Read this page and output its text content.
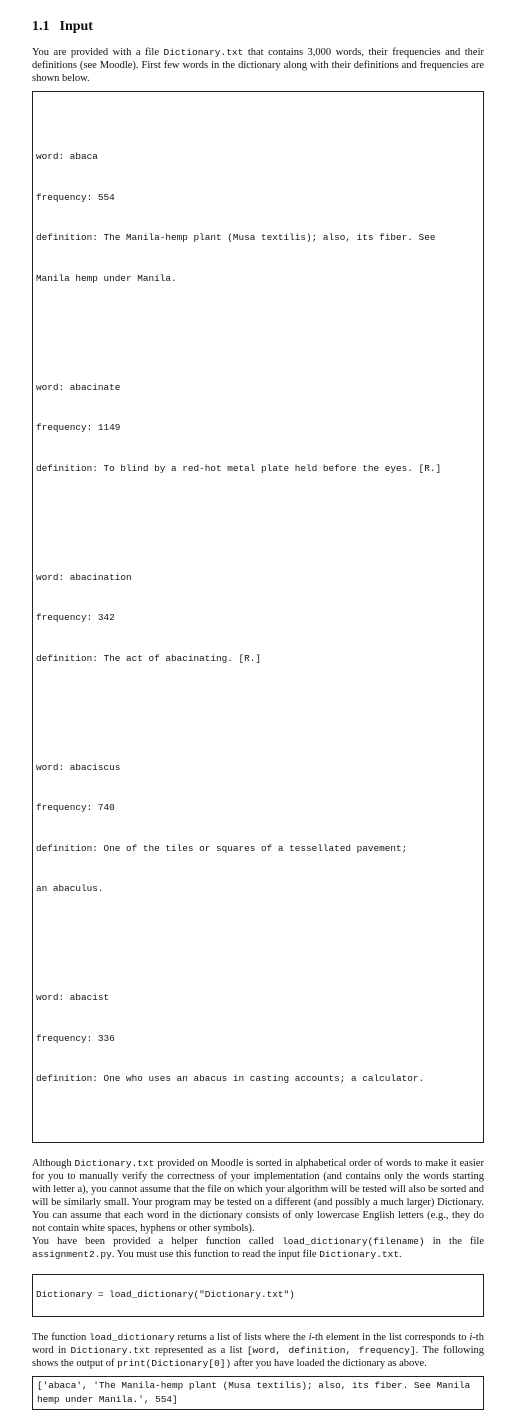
1.1 Input

You are provided with a file Dictionary.txt that contains 3,000 words, their frequencies and their definitions (see Moodle). First few words in the dictionary along with their definitions and frequencies are shown below.

word: abaca

frequency: 554

definition: The Manila-hemp plant (Musa textilis); also, its fiber. See

Manila hemp under Manila.

word: abacinate

frequency: 1149

definition: To blind by a red-hot metal plate held before the eyes. [R.]

word: abacination

frequency: 342

definition: The act of abacinating. [R.]

word: abaciscus

frequency: 740

definition: One of the tiles or squares of a tessellated pavement;

an abaculus.

word: abacist

frequency: 336

definition: One who uses an abacus in casting accounts; a calculator.

Although Dictionary.txt provided on Moodle is sorted in alphabetical order of words to make it easier for you to manually verify the correctness of your implementation (and contains only the words starting with letter a), you cannot assume that the file on which your algorithm will be tested will also be sorted and will be similarly small. Your program may be tested on a different (and possibly a much larger) Dictionary. You can assume that each word in the dictionary consists of only lowercase English letters (e.g., they do not contain white spaces, hyphens or other symbols).

You have been provided a helper function called load_dictionary(filename) in the file assignment2.py. You must use this function to read the input file Dictionary.txt.

Dictionary = load_dictionary("Dictionary.txt")

The function load_dictionary returns a list of lists where the i-th element in the list corresponds to i-th word in Dictionary.txt represented as a list [word, definition, frequency]. The following shows the output of print(Dictionary[0]) after you have loaded the dictionary as above.

['abaca', 'The Manila-hemp plant (Musa textilis); also, its fiber. See Manila
hemp under Manila.', 554]
